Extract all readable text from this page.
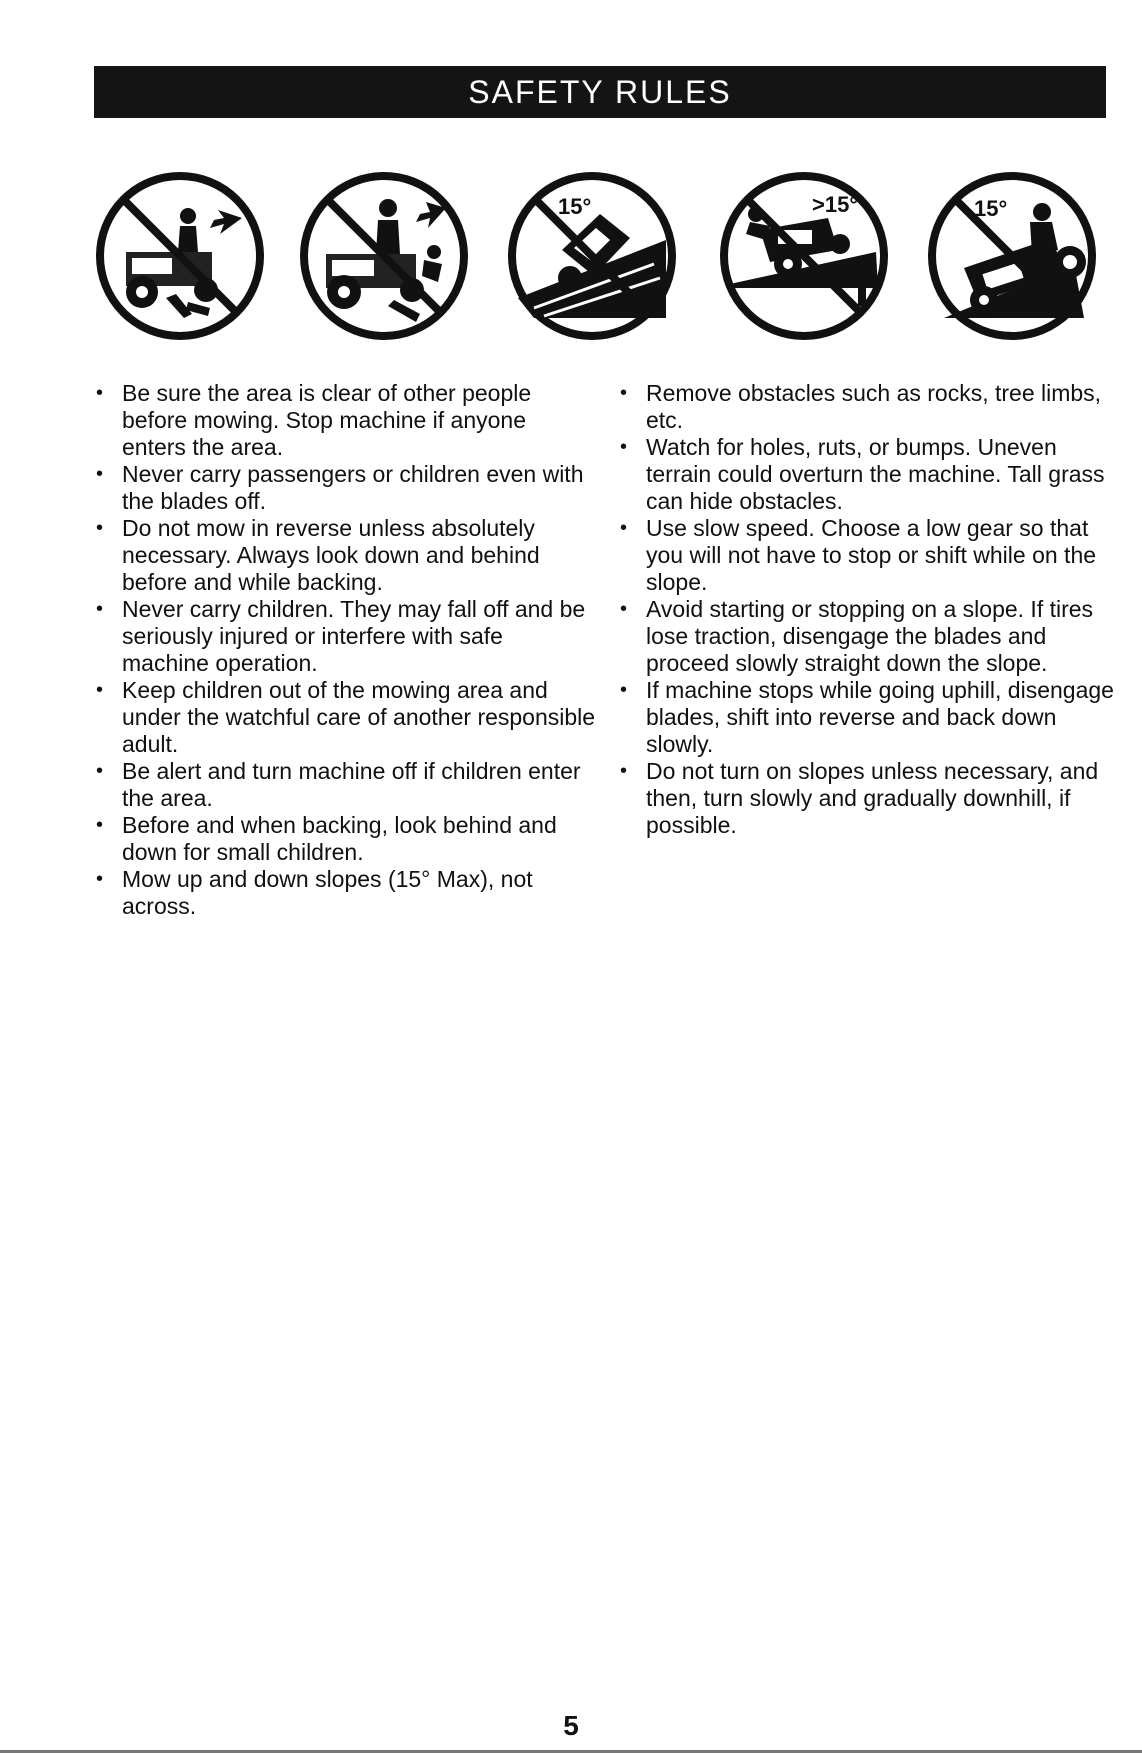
SAFETY RULES
15°	>15°	15°
• Be sure the area is clear of other people before mowing. Stop machine if anyone enters the area.
• Never carry passengers or children even with the blades off.
• Do not mow in reverse unless absolutely necessary. Always look down and behind before and while backing.
• Never carry children. They may fall off and be seriously injured or interfere with safe machine operation.
• Keep children out of the mowing area and under the watchful care of another responsible adult.
• Be alert and turn machine off if children enter the area.
• Before and when backing, look behind and down for small children.
• Mow up and down slopes (15° Max), not across.
• Remove obstacles such as rocks, tree limbs, etc.
• Watch for holes, ruts, or bumps. Uneven terrain could overturn the machine. Tall grass can hide obstacles.
• Use slow speed. Choose a low gear so that you will not have to stop or shift while on the slope.
• Avoid starting or stopping on a slope. If tires lose traction, disengage the blades and proceed slowly straight down the slope.
• If machine stops while going uphill, disengage blades, shift into reverse and back down slowly.
• Do not turn on slopes unless necessary, and then, turn slowly and gradually downhill, if possible.
5
